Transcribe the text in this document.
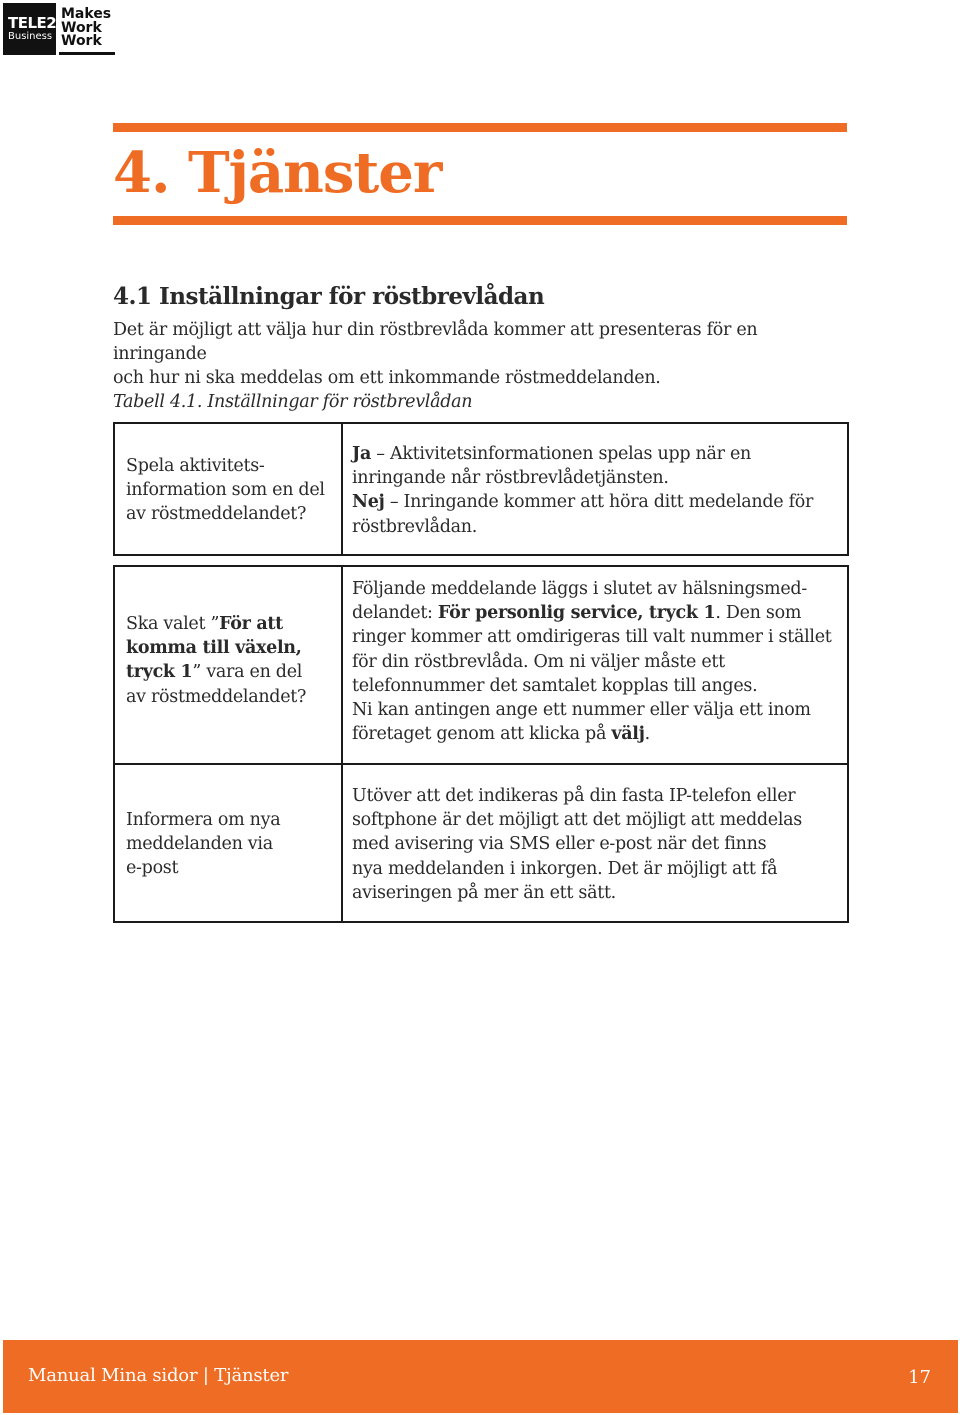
TELE2
Business
Makes
Work
Work
4. Tjänster
4.1 Inställningar för röstbrevlådan

Det är möjligt att välja hur din röstbrevlåda kommer att presenteras för en inringande
och hur ni ska meddelas om ett inkommande röstmeddelanden.

Tabell 4.1. Inställningar för röstbrevlådan

Spela aktivitets-
information som en del
av röstmeddelandet?
Ja – Aktivitetsinformationen spelas upp när en
inringande når röstbrevlådetjänsten.
Nej – Inringande kommer att höra ditt medelande för
röstbrevlådan.
Ska valet ”För att
komma till växeln,
tryck 1” vara en del
av röstmeddelandet?
Följande meddelande läggs i slutet av hälsningsmed-
delandet: För personlig service, tryck 1. Den som
ringer kommer att omdirigeras till valt nummer i stället
för din röstbrevlåda. Om ni väljer måste ett
telefonnummer det samtalet kopplas till anges.
Ni kan antingen ange ett nummer eller välja ett inom
företaget genom att klicka på välj.
Informera om nya
meddelanden via
e-post
Utöver att det indikeras på din fasta IP-telefon eller
softphone är det möjligt att det möjligt att meddelas
med avisering via SMS eller e-post när det finns
nya meddelanden i inkorgen. Det är möjligt att få
aviseringen på mer än ett sätt.
Manual Mina sidor | Tjänster	17
